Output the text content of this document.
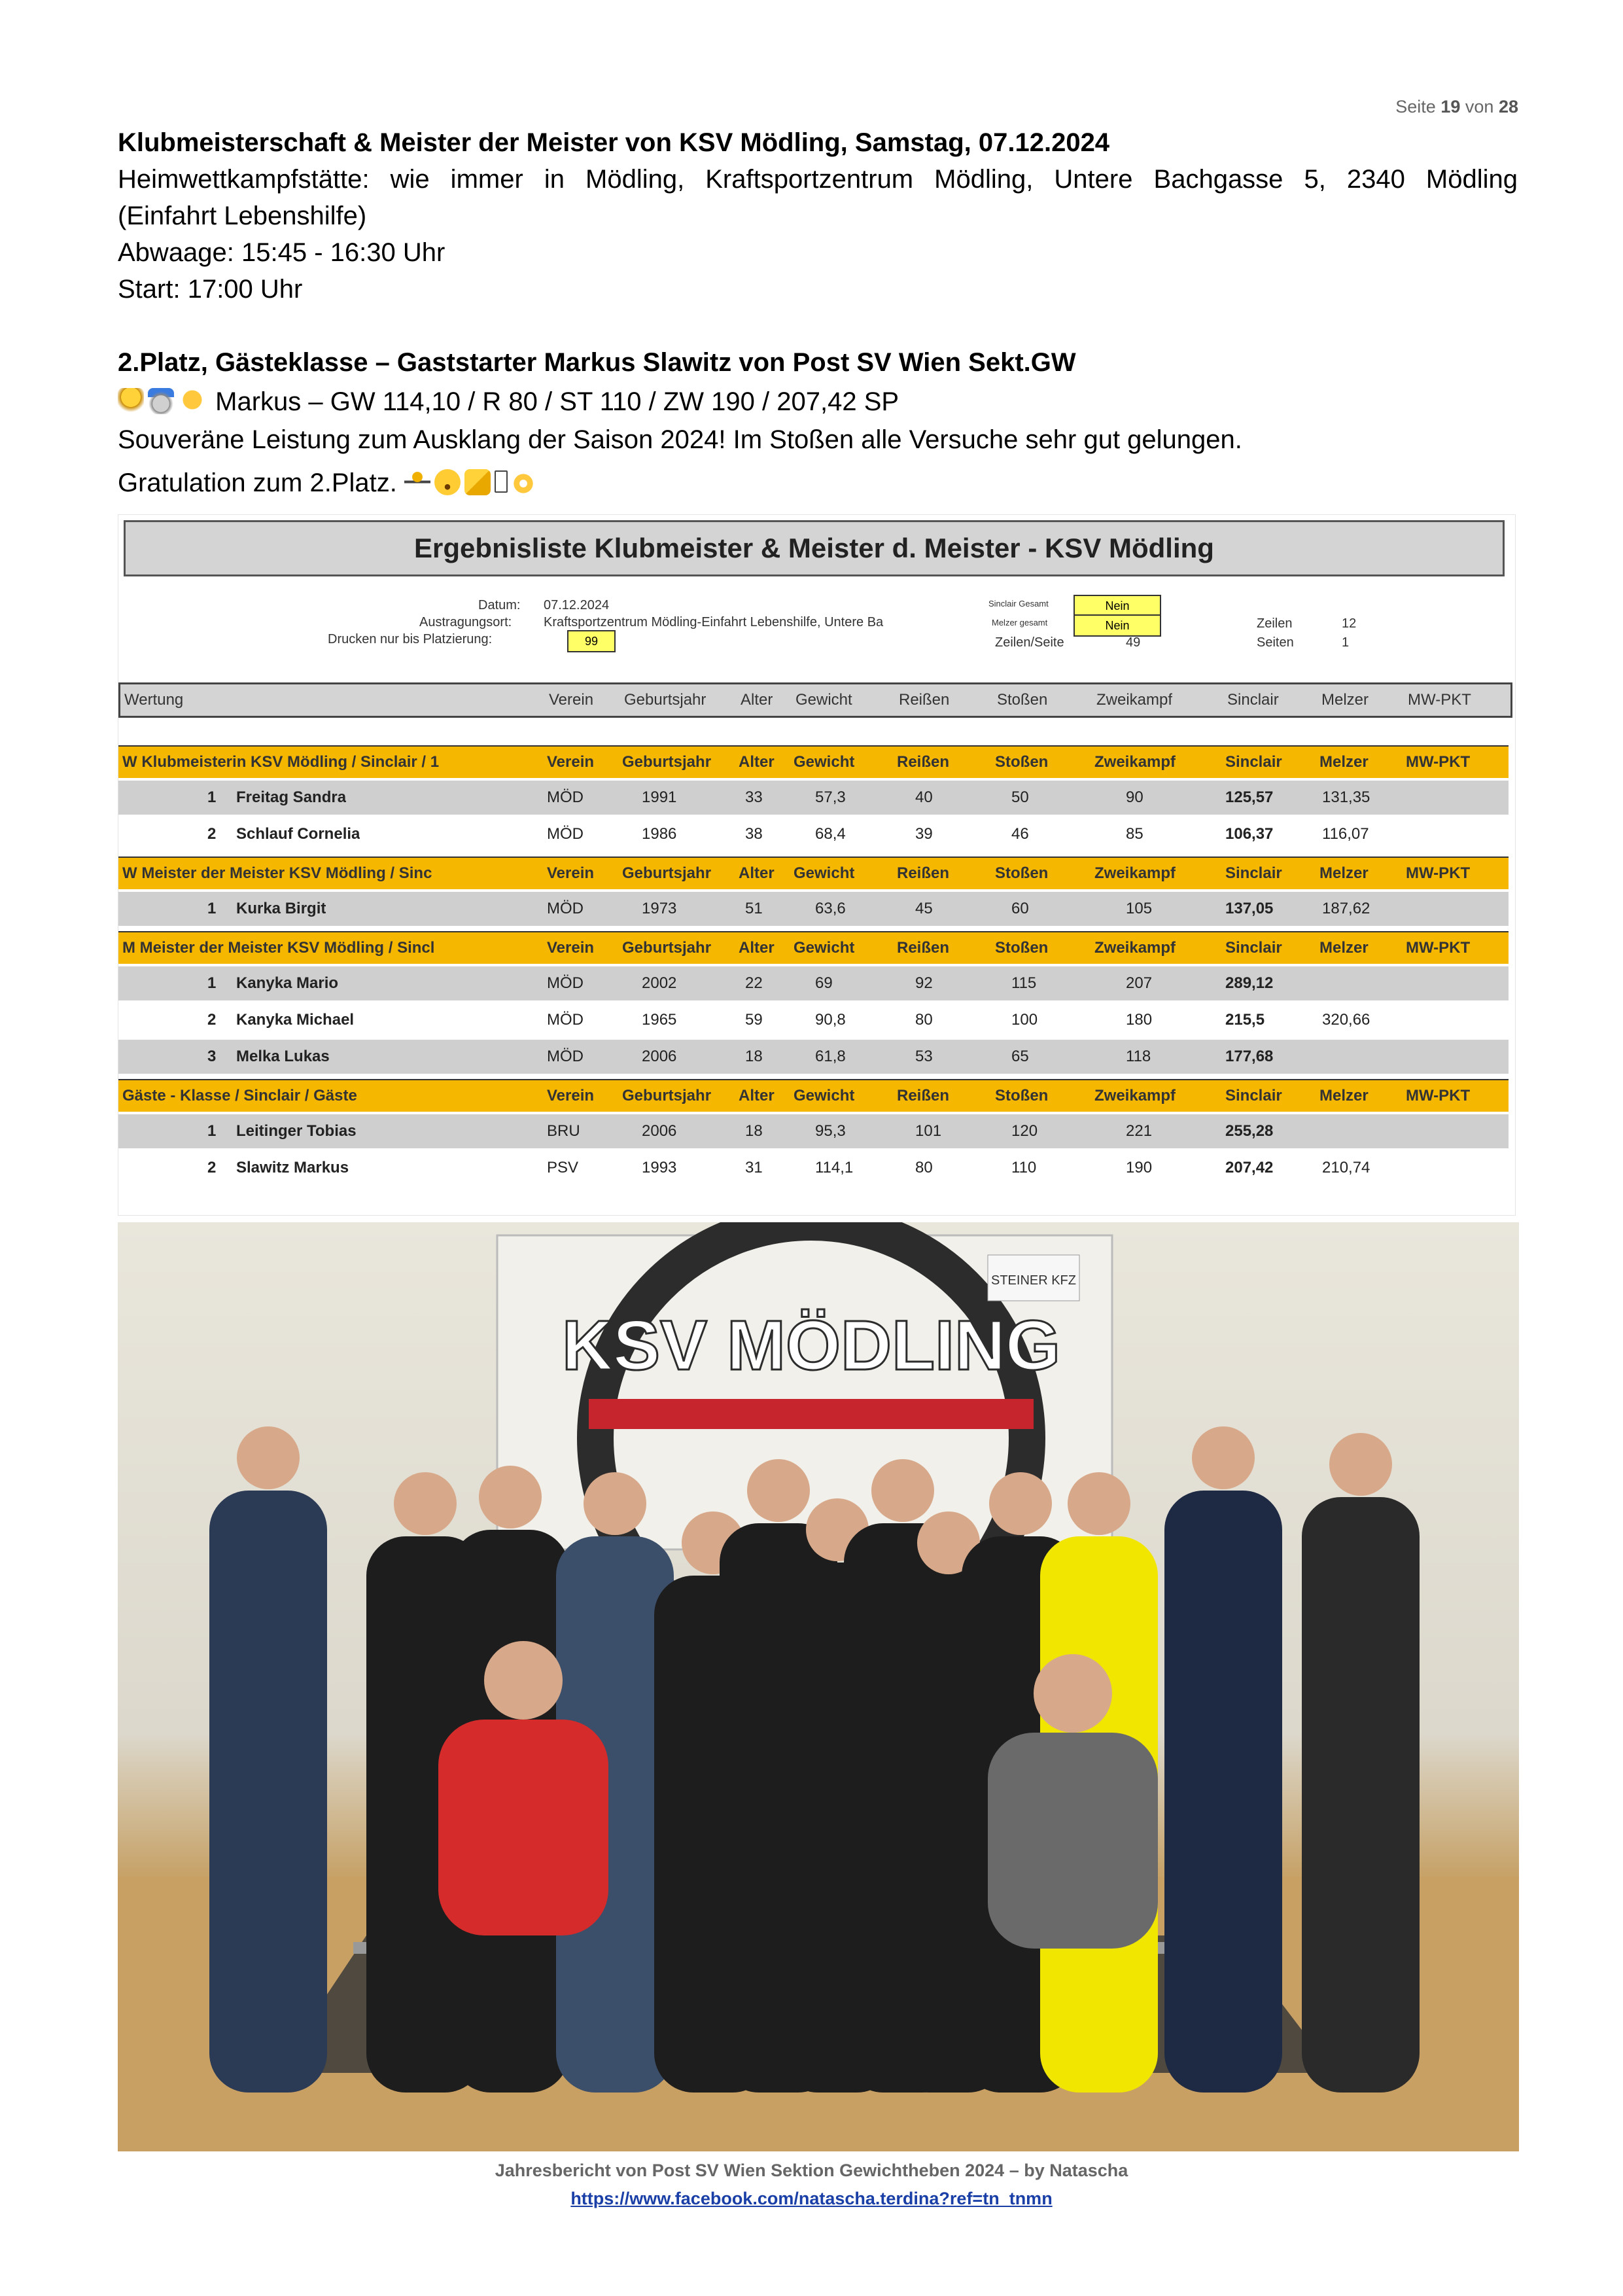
Seite 19 von 28
Klubmeisterschaft & Meister der Meister von KSV Mödling, Samstag, 07.12.2024
Heimwettkampfstätte: wie immer in Mödling, Kraftsportzentrum Mödling, Untere Bachgasse 5, 2340 Mödling
(Einfahrt Lebenshilfe)
Abwaage: 15:45 - 16:30 Uhr
Start: 17:00 Uhr
2.Platz, Gästeklasse – Gaststarter Markus Slawitz von Post SV Wien Sekt.GW
Markus – GW 114,10 / R 80 / ST 110 / ZW 190 / 207,42 SP
Souveräne Leistung zum Ausklang der Saison 2024! Im Stoßen alle Versuche sehr gut gelungen.
Gratulation zum 2.Platz.
Ergebnisliste Klubmeister & Meister d. Meister - KSV Mödling
Datum: 07.12.2024
Austragungsort: Kraftsportzentrum Mödling-Einfahrt Lebenshilfe, Untere Ba
Drucken nur bis Platzierung:	99
Sinclair Gesamt	Nein
Melzer gesamt	Nein
Zeilen/Seite	49
Zeilen	12
Seiten	1
Wertung	Verein Geburtsjahr Alter Gewicht	Reißen	Stoßen	Zweikampf	Sinclair	Melzer MW-PKT
W Klubmeisterin KSV Mödling / Sinclair / 1	Verein Geburtsjahr Alter Gewicht	Reißen	Stoßen	Zweikampf	Sinclair Melzer MW-PKT
1 Freitag Sandra	MÖD	1991	33	57,3	40	50	90	125,57	131,35
2 Schlauf Cornelia	MÖD	1986	38	68,4	39	46	85	106,37	116,07
W Meister der Meister KSV Mödling / Sinc	Verein Geburtsjahr Alter Gewicht	Reißen	Stoßen	Zweikampf	Sinclair Melzer MW-PKT
1 Kurka Birgit	MÖD	1973	51	63,6	45	60	105	137,05	187,62
M Meister der Meister KSV Mödling / Sincl	Verein Geburtsjahr Alter Gewicht	Reißen	Stoßen	Zweikampf	Sinclair Melzer MW-PKT
1 Kanyka Mario	MÖD	2002	22	69	92	115	207	289,12
2 Kanyka Michael	MÖD	1965	59	90,8	80	100	180	215,5	320,66
3 Melka Lukas	MÖD	2006	18	61,8	53	65	118	177,68
Gäste - Klasse / Sinclair / Gäste	Verein Geburtsjahr Alter Gewicht	Reißen	Stoßen	Zweikampf	Sinclair Melzer MW-PKT
1 Leitinger Tobias	BRU	2006	18	95,3	101	120	221	255,28
2 Slawitz Markus	PSV	1993	31	114,1	80	110	190	207,42	210,74
KSV MÖDLING
STEINER KFZ
Jahresbericht von Post SV Wien Sektion Gewichtheben 2024 – by Natascha
https://www.facebook.com/natascha.terdina?ref=tn_tnmn
